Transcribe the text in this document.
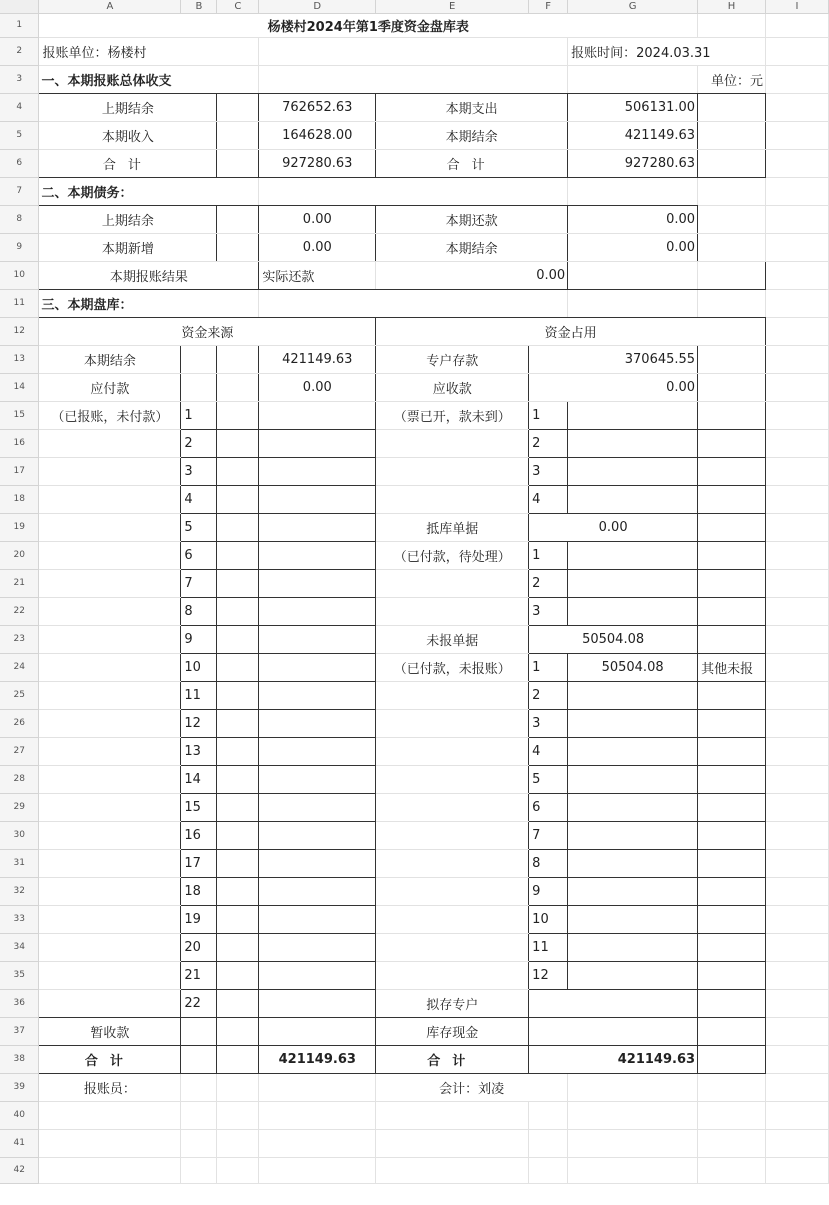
	A	B	C	D	E	F	G	H	I
1	杨楼村2024年第1季度资金盘库表								
2	报账单位：杨楼村						报账时间：2024.03.31		
3	一、本期报账总体收支							单位：元	
4	上期结余			762652.63	本期支出		506131.00		
5	本期收入			164628.00	本期结余		421149.63		
6	合计			927280.63	合计		927280.63		
7	二、本期债务：								
8	上期结余			0.00	本期还款		0.00		
9	本期新增			0.00	本期结余		0.00		
10	本期报账结果			实际还款	0.00				
11	三、本期盘库：								
12	资金来源				资金占用				
13	本期结余			421149.63	专户存款	370645.55			
14	应付款			0.00	应收款	0.00			
15	（已报账，未付款）	1			（票已开，款未到）	1			
16		2				2			
17		3				3			
18		4				4			
19		5			抵库单据	0.00			
20		6			（已付款，待处理）	1			
21		7				2			
22		8				3			
23		9			未报单据	50504.08			
24		10			（已付款，未报账）	1	50504.08	其他未报	
25		11				2			
26		12				3			
27		13				4			
28		14				5			
29		15				6			
30		16				7			
31		17				8			
32		18				9			
33		19				10			
34		20				11			
35		21				12			
36		22			拟存专户				
37	暂收款				库存现金				
38	合计			421149.63	合计	421149.63			
39	报账员：				会计：刘凌				
40									
41									
42									
